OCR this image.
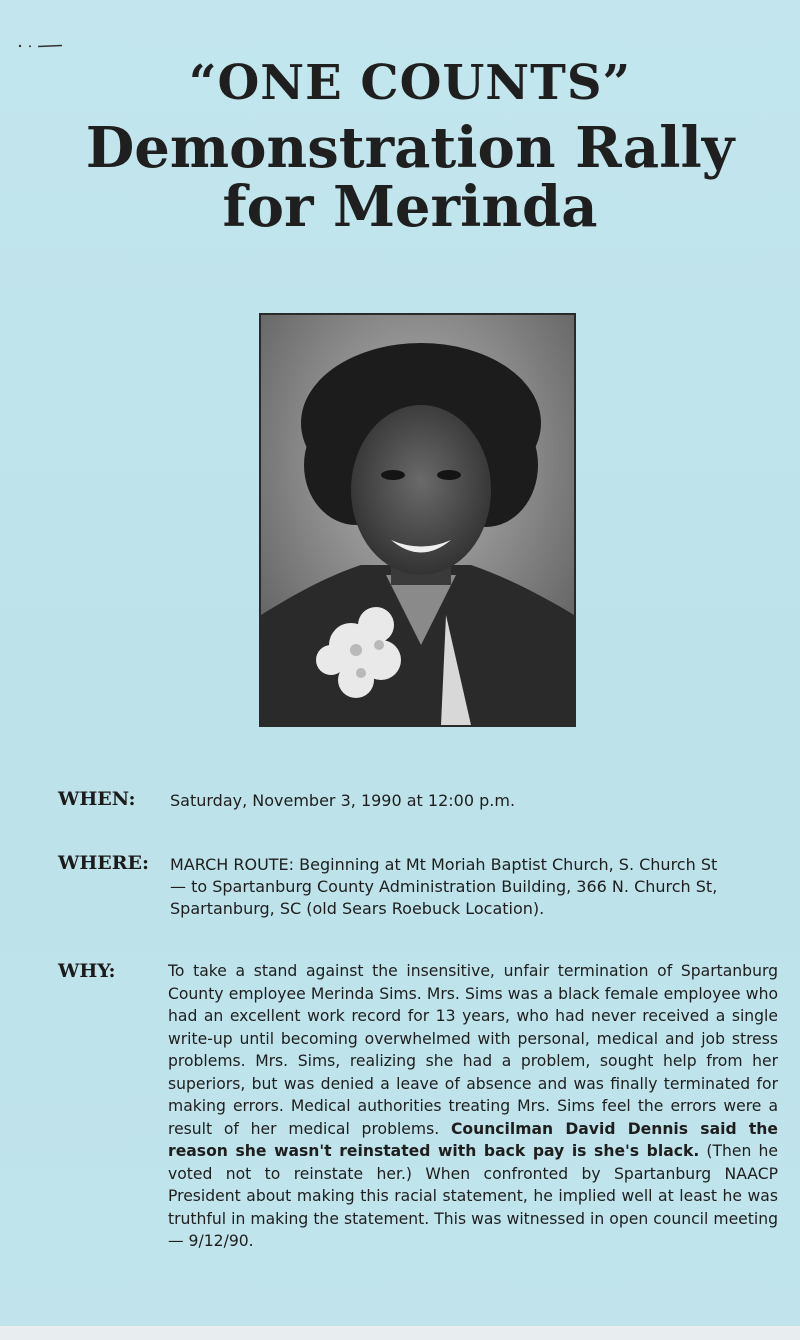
“ONE COUNTS”
Demonstration Rally
for Merinda
WHEN: Saturday, November 3, 1990 at 12:00 p.m.
WHERE: MARCH ROUTE: Beginning at Mt Moriah Baptist Church, S. Church St
— to Spartanburg County Administration Building, 366 N. Church St,
Spartanburg, SC (old Sears Roebuck Location).
WHY:	To take a stand against the insensitive, unfair termination of Spartanburg County employee Merinda Sims. Mrs. Sims was a black female employee who had an excellent work record for 13 years, who had never received a single write-up until becoming overwhelmed with personal, medical and job stress problems. Mrs. Sims, realizing she had a problem, sought help from her superiors, but was denied a leave of absence and was finally terminated for making errors. Medical authorities treating Mrs. Sims feel the errors were a result of her medical problems. Councilman David Dennis said the reason she wasn't reinstated with back pay is she's black. (Then he voted not to reinstate her.) When confronted by Spartanburg NAACP President about making this racial statement, he implied well at least he was truthful in making the statement. This was witnessed in open council meeting — 9/12/90.
